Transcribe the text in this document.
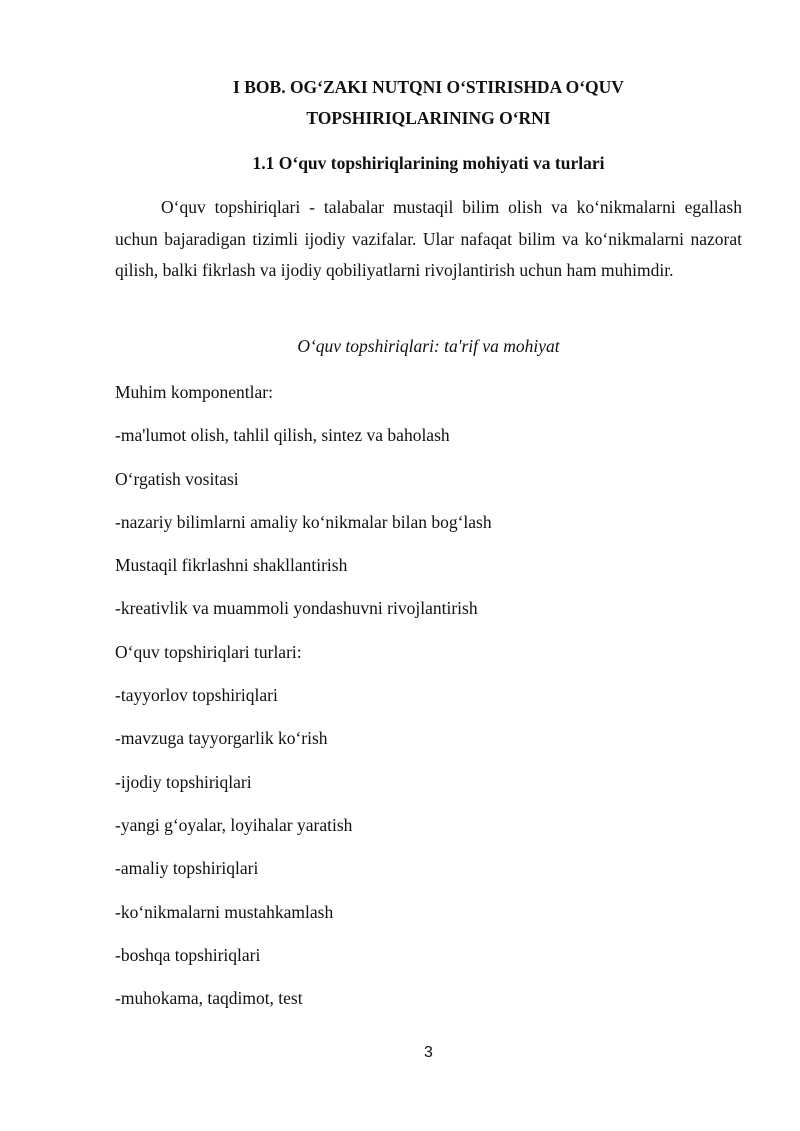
I BOB. OG‘ZAKI NUTQNI O‘STIRISHDA O‘QUV
TOPSHIRIQLARINING O‘RNI
1.1 O‘quv topshiriqlarining mohiyati va turlari

O‘quv topshiriqlari - talabalar mustaqil bilim olish va ko‘nikmalarni egallash uchun bajaradigan tizimli ijodiy vazifalar. Ular nafaqat bilim va ko‘nikmalarni nazorat qilish, balki fikrlash va ijodiy qobiliyatlarni rivojlantirish uchun ham muhimdir.

O‘quv topshiriqlari: ta'rif va mohiyat

Muhim komponentlar:
-ma'lumot olish, tahlil qilish, sintez va baholash
O‘rgatish vositasi
-nazariy bilimlarni amaliy ko‘nikmalar bilan bog‘lash
Mustaqil fikrlashni shakllantirish
-kreativlik va muammoli yondashuvni rivojlantirish
O‘quv topshiriqlari turlari:
-tayyorlov topshiriqlari
-mavzuga tayyorgarlik ko‘rish
-ijodiy topshiriqlari
-yangi g‘oyalar, loyihalar yaratish
-amaliy topshiriqlari
-ko‘nikmalarni mustahkamlash
-boshqa topshiriqlari
-muhokama, taqdimot, test
3
